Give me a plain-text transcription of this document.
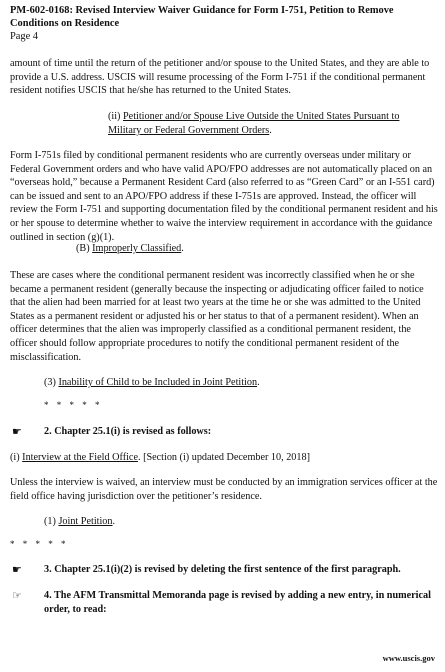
PM-602-0168: Revised Interview Waiver Guidance for Form I-751, Petition to Remove
Conditions on Residence
Page 4
amount of time until the return of the petitioner and/or spouse to the United States, and they are able to provide a U.S. address. USCIS will resume processing of the Form I-751 if the conditional permanent resident notifies USCIS that he/she has returned to the United States.
(ii) Petitioner and/or Spouse Live Outside the United States Pursuant to
Military or Federal Government Orders.
Form I-751s filed by conditional permanent residents who are currently overseas under military or Federal Government orders and who have valid APO/FPO addresses are not automatically placed on an “overseas hold,” because a Permanent Resident Card (also referred to as “Green Card” or an I-551 card) can be issued and sent to an APO/FPO address if these I-751s are approved. Instead, the officer will review the Form I-751 and supporting documentation filed by the conditional permanent resident and his or her spouse to determine whether to waive the interview requirement in accordance with the guidance outlined in section (g)(1).
(B) Improperly Classified.
These are cases where the conditional permanent resident was incorrectly classified when he or she became a permanent resident (generally because the inspecting or adjudicating officer failed to notice that the alien had been married for at least two years at the time he or she was admitted to the United States as a permanent resident or adjusted his or her status to that of a permanent resident). When an officer determines that the alien was improperly classified as a conditional permanent resident, the officer should follow appropriate procedures to notify the conditional permanent resident of the misclassification.
(3) Inability of Child to be Included in Joint Petition.
* * * * *
☛	2. Chapter 25.1(i) is revised as follows:
(i) Interview at the Field Office. [Section (i) updated December 10, 2018]
Unless the interview is waived, an interview must be conducted by an immigration services officer at the field office having jurisdiction over the petitioner’s residence.
(1) Joint Petition.
* * * * *
☛	3. Chapter 25.1(i)(2) is revised by deleting the first sentence of the first paragraph.
☞	4. The AFM Transmittal Memoranda page is revised by adding a new entry, in numerical order, to read:
www.uscis.gov
